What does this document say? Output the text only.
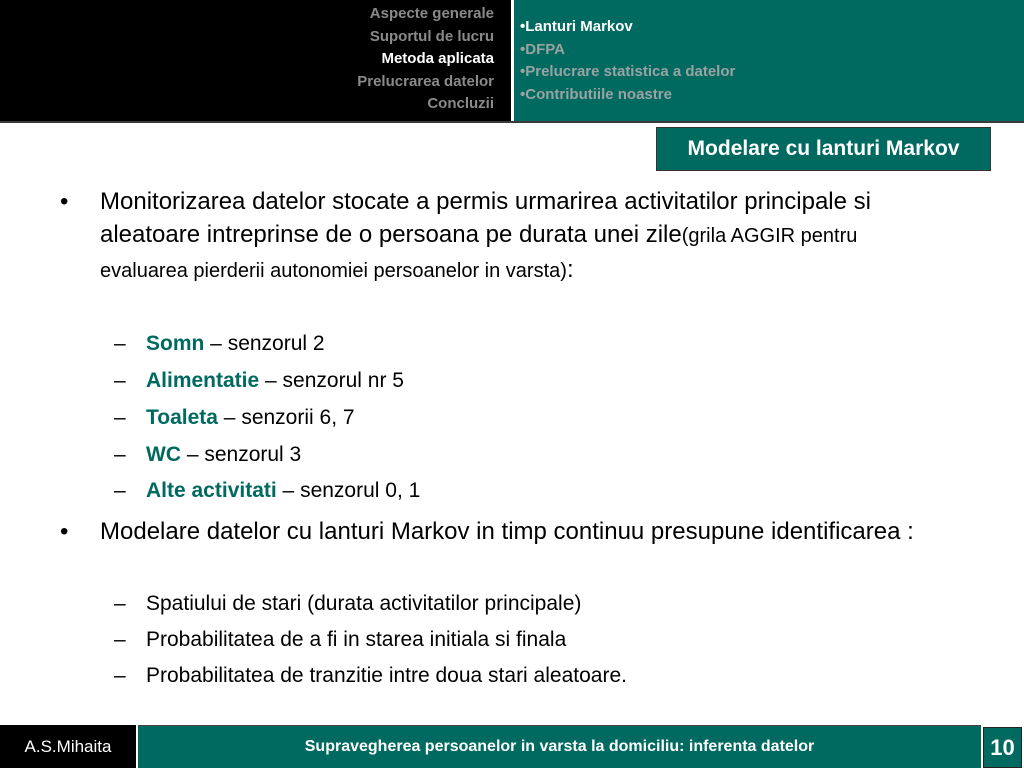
Aspecte generale
Suportul de lucru
Metoda aplicata
Prelucrarea datelor
Concluzii
•Lanturi Markov
•DFPA
•Prelucrare statistica a datelor
•Contributiile noastre
Modelare cu lanturi Markov
• Monitorizarea datelor stocate a permis urmarirea activitatilor principale si aleatoare intreprinse de o persoana pe durata unei zile(grila AGGIR pentru evaluarea pierderii autonomiei persoanelor in varsta):
– Somn – senzorul 2
– Alimentatie – senzorul nr 5
– Toaleta – senzorii 6, 7
– WC – senzorul 3
– Alte activitati – senzorul 0, 1
• Modelare datelor cu lanturi Markov in timp continuu presupune identificarea :
– Spatiului de stari (durata activitatilor principale)
– Probabilitatea de a fi in starea initiala si finala
– Probabilitatea de tranzitie intre doua stari aleatoare.
A.S.Mihaita	Supravegherea persoanelor in varsta la domiciliu: inferenta datelor	10
